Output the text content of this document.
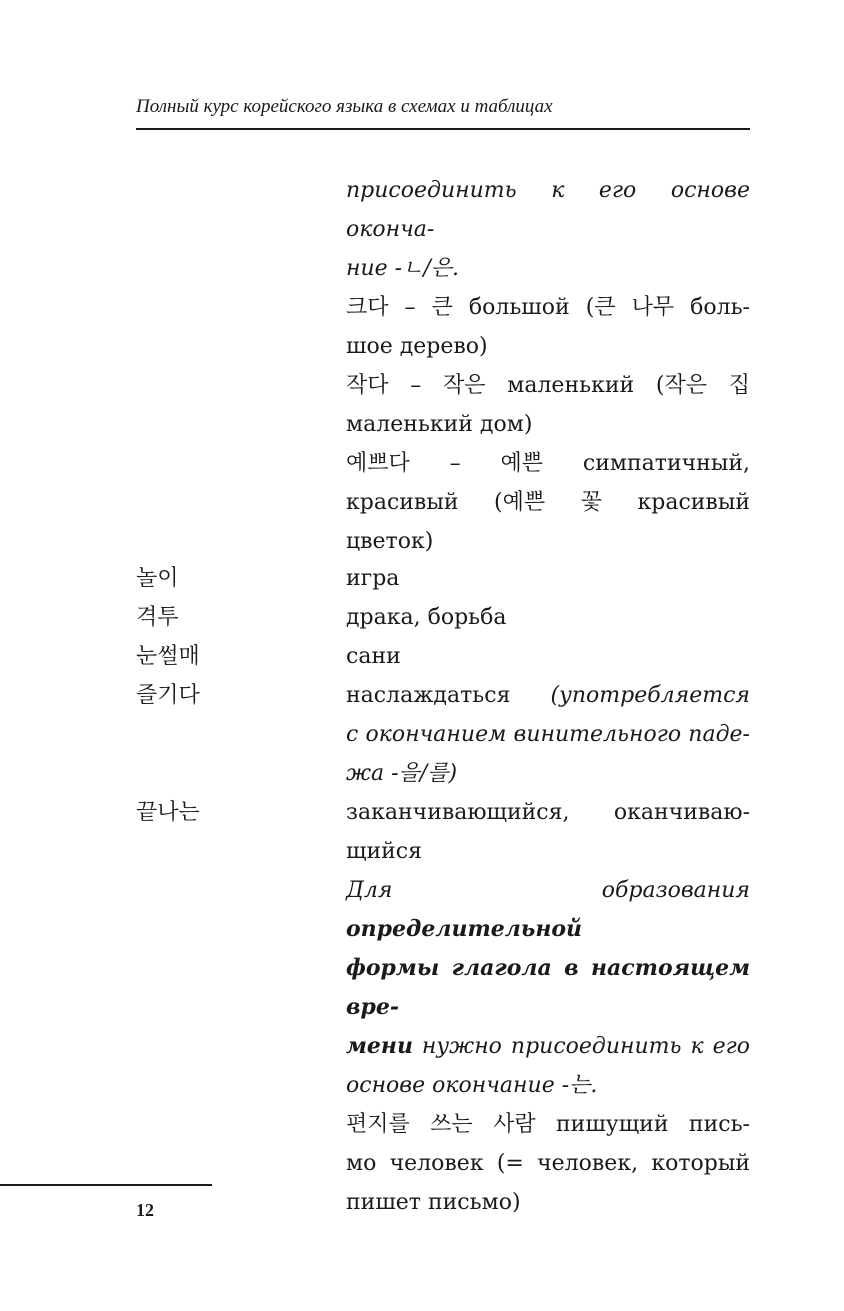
Полный курс корейского языка в схемах и таблицах
присоединить к его основе оконча-
ние -ㄴ/은.
크다 – 큰 большой (큰 나무 боль-
шое дерево)
작다 – 작은 маленький (작은 집
маленький дом)
예쁘다 – 예쁜 симпатичный,
красивый (예쁜 꽃 красивый
цветок)
놀이	игра
격투	драка, борьба
눈썰매	сани
즐기다	наслаждаться (употребляется
с окончанием винительного паде-
жа -을/를)
끝나는	заканчивающийся, оканчиваю-
щийся
Для образования определительной
формы глагола в настоящем вре-
мени нужно присоединить к его
основе окончание -는.
편지를 쓰는 사람 пишущий пись-
мо человек (= человек, который
пишет письмо)
12
